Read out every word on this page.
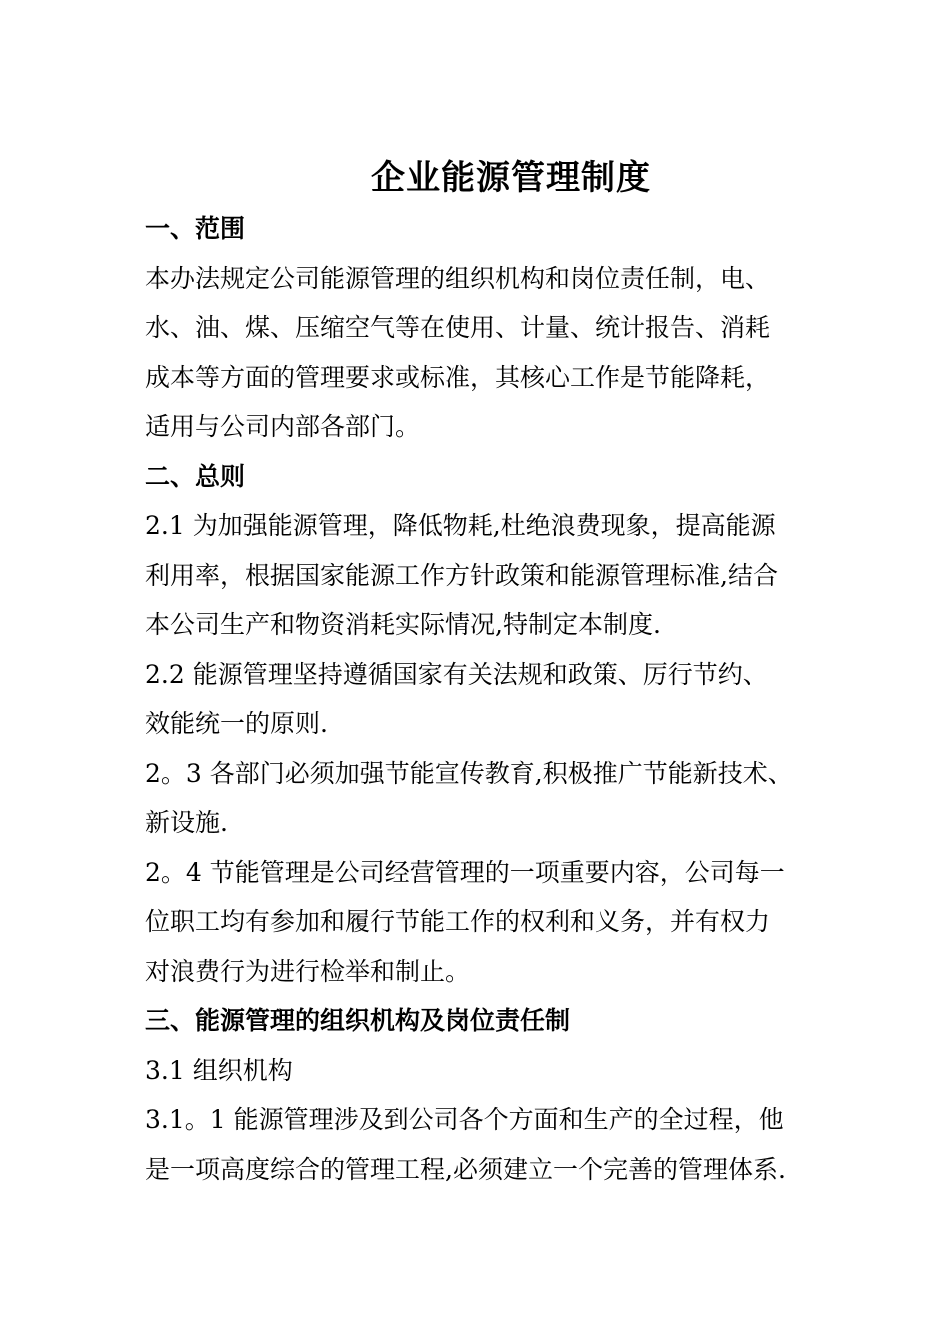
企业能源管理制度
一、范围
本办法规定公司能源管理的组织机构和岗位责任制，电、
水、油、煤、压缩空气等在使用、计量、统计报告、消耗
成本等方面的管理要求或标准，其核心工作是节能降耗，
适用与公司内部各部门。
二、总则
2.1 为加强能源管理，降低物耗,杜绝浪费现象，提高能源
利用率，根据国家能源工作方针政策和能源管理标准,结合
本公司生产和物资消耗实际情况,特制定本制度.
2.2 能源管理坚持遵循国家有关法规和政策、厉行节约、
效能统一的原则.
2。3 各部门必须加强节能宣传教育,积极推广节能新技术、
新设施.
2。4 节能管理是公司经营管理的一项重要内容，公司每一
位职工均有参加和履行节能工作的权利和义务，并有权力
对浪费行为进行检举和制止。
三、能源管理的组织机构及岗位责任制
3.1 组织机构
3.1。1 能源管理涉及到公司各个方面和生产的全过程，他
是一项高度综合的管理工程,必须建立一个完善的管理体系.
